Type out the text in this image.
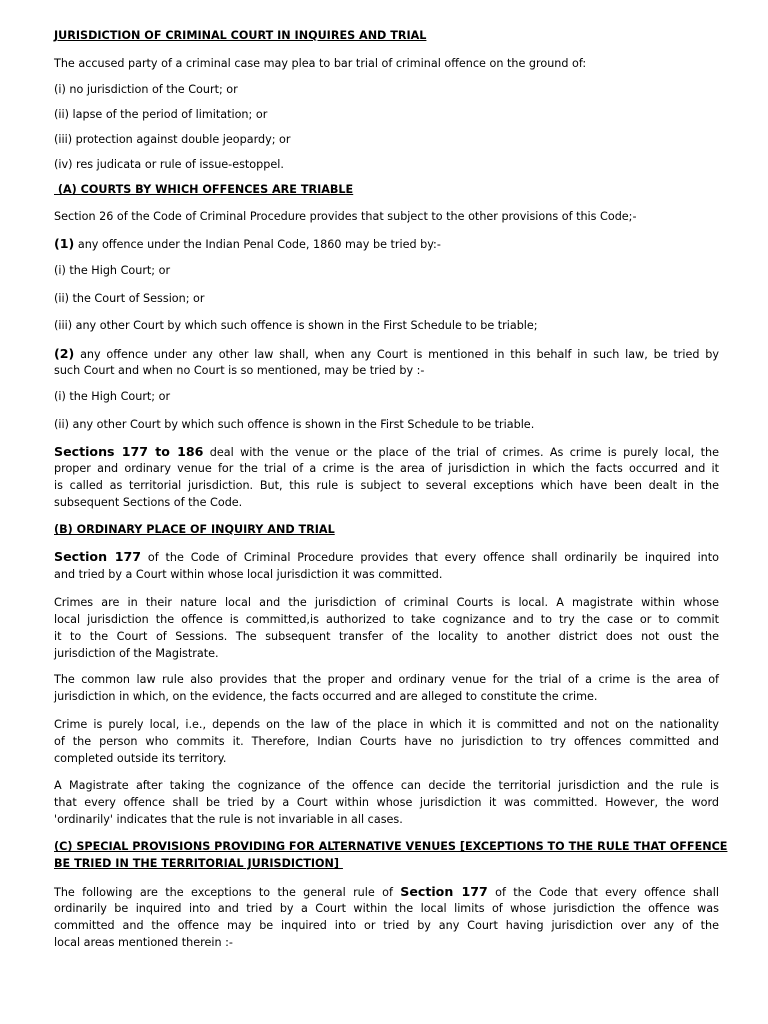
JURISDICTION OF CRIMINAL COURT IN INQUIRES AND TRIAL
The accused party of a criminal case may plea to bar trial of criminal offence on the ground of:
(i) no jurisdiction of the Court; or
(ii) lapse of the period of limitation; or
(iii) protection against double jeopardy; or
(iv) res judicata or rule of issue-estoppel.
(A) COURTS BY WHICH OFFENCES ARE TRIABLE
Section 26 of the Code of Criminal Procedure provides that subject to the other provisions of this Code;-
(1) any offence under the Indian Penal Code, 1860 may be tried by:-
(i) the High Court; or
(ii) the Court of Session; or
(iii) any other Court by which such offence is shown in the First Schedule to be triable;
(2) any offence under any other law shall, when any Court is mentioned in this behalf in such law, be tried by
such Court and when no Court is so mentioned, may be tried by :-
(i) the High Court; or
(ii) any other Court by which such offence is shown in the First Schedule to be triable.
Sections 177 to 186 deal with the venue or the place of the trial of crimes. As crime is purely local, the
proper and ordinary venue for the trial of a crime is the area of jurisdiction in which the facts occurred and it
is called as territorial jurisdiction. But, this rule is subject to several exceptions which have been dealt in the
subsequent Sections of the Code.
(B) ORDINARY PLACE OF INQUIRY AND TRIAL
Section 177 of the Code of Criminal Procedure provides that every offence shall ordinarily be inquired into
and tried by a Court within whose local jurisdiction it was committed.
Crimes are in their nature local and the jurisdiction of criminal Courts is local. A magistrate within whose
local jurisdiction the offence is committed,is authorized to take cognizance and to try the case or to commit
it to the Court of Sessions. The subsequent transfer of the locality to another district does not oust the
jurisdiction of the Magistrate.
The common law rule also provides that the proper and ordinary venue for the trial of a crime is the area of
jurisdiction in which, on the evidence, the facts occurred and are alleged to constitute the crime.
Crime is purely local, i.e., depends on the law of the place in which it is committed and not on the nationality
of the person who commits it. Therefore, Indian Courts have no jurisdiction to try offences committed and
completed outside its territory.
A Magistrate after taking the cognizance of the offence can decide the territorial jurisdiction and the rule is
that every offence shall be tried by a Court within whose jurisdiction it was committed. However, the word
'ordinarily' indicates that the rule is not invariable in all cases.
(C) SPECIAL PROVISIONS PROVIDING FOR ALTERNATIVE VENUES [EXCEPTIONS TO THE RULE THAT OFFENCE
BE TRIED IN THE TERRITORIAL JURISDICTION]
The following are the exceptions to the general rule of Section 177 of the Code that every offence shall
ordinarily be inquired into and tried by a Court within the local limits of whose jurisdiction the offence was
committed and the offence may be inquired into or tried by any Court having jurisdiction over any of the
local areas mentioned therein :-
